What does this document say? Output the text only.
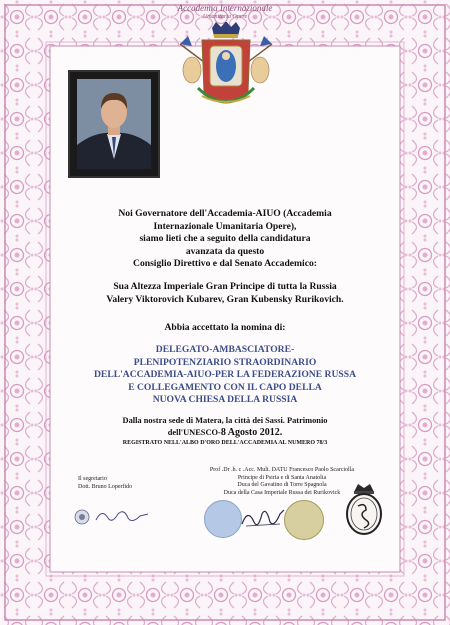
Accademia Internazionale
Umanitaria Opere
Noi Governatore dell'Accademia-AIUO (Accademia
Internazionale Umanitaria Opere),
siamo lieti che a seguito della candidatura
avanzata da questo
Consiglio Direttivo e dal Senato Accademico:
Sua Altezza Imperiale Gran Principe di tutta la Russia
Valery Viktorovich Kubarev, Gran Kubensky Rurikovich.
Abbia accettato la nomina di:
DELEGATO-AMBASCIATORE-
PLENIPOTENZIARIO STRAORDINARIO
DELL'ACCADEMIA-AIUO-PER LA FEDERAZIONE RUSSA
E COLLEGAMENTO CON IL CAPO DELLA
NUOVA CHIESA DELLA RUSSIA
Dalla nostra sede di Matera, la città dei Sassi. Patrimonio
dell'UNESCO-8 Agosto 2012.
REGISTRATO NELL'ALBO D'ORO DELL'ACCADEMIA AL NUMERO 78/3
Il segretario
Dott. Bruno Loperfido
Prof .Dr .h. c .Acc. Mult. DATU Francesco Paolo Scarciolla
Principe di Psiria e di Santa Anatolia
Duca del Gavatino di Torre Spagnola
Duca della Casa Imperiale Russa dei Rurikovick
